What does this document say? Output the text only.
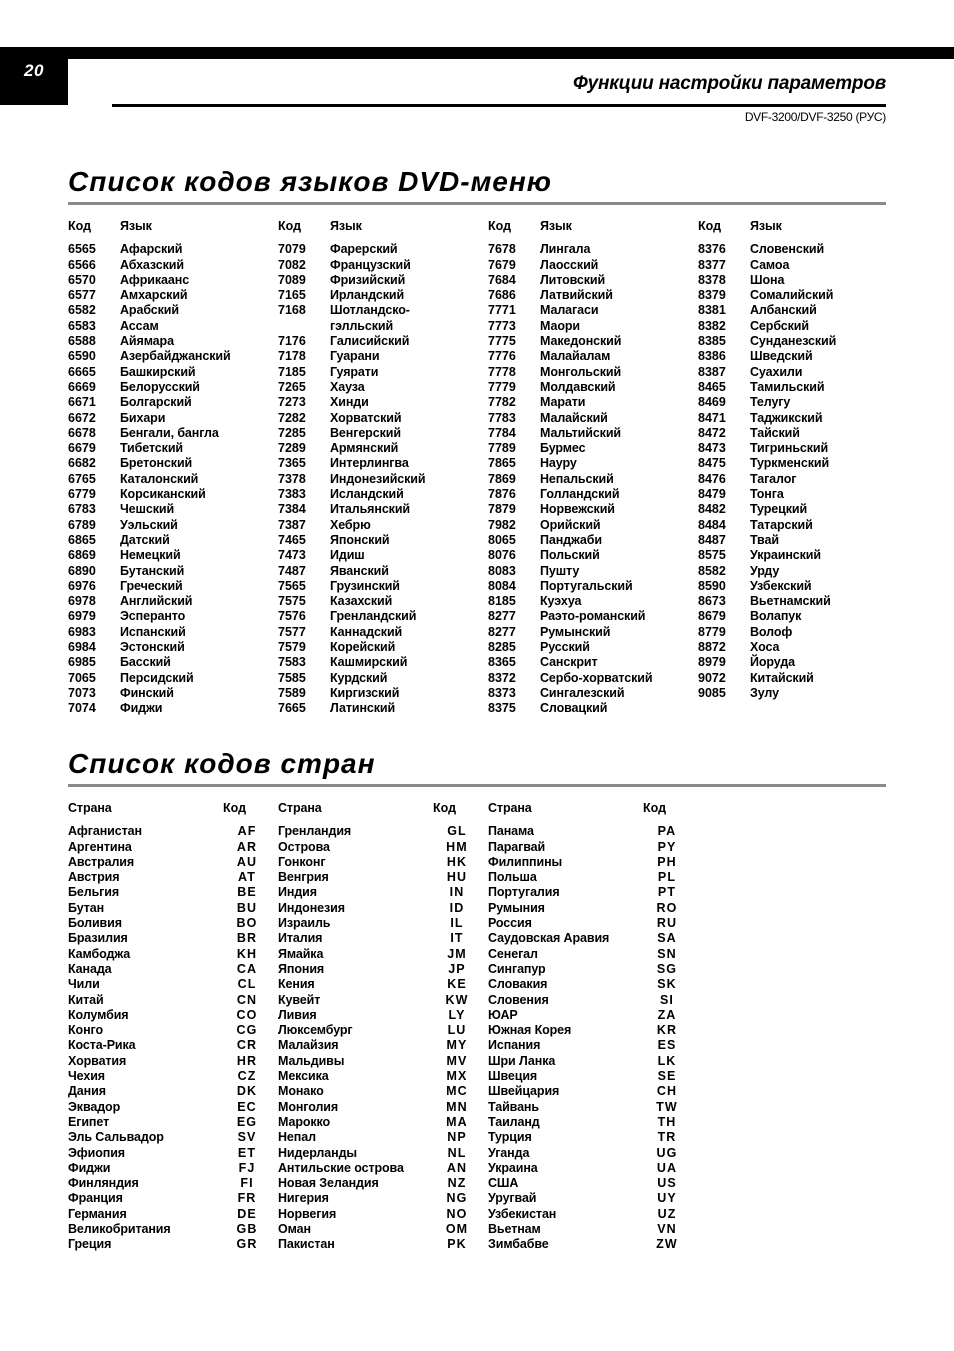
20
Функции настройки параметров
DVF-3200/DVF-3250 (РУС)
Список кодов языков DVD-меню
Код	Язык
6565	Афарский
6566	Абхазский
6570	Африкаанс
6577	Амхарский
6582	Арабский
6583	Ассам
6588	Айямара
6590	Азербайджанский
6665	Башкирский
6669	Белорусский
6671	Болгарский
6672	Бихари
6678	Бенгали, бангла
6679	Тибетский
6682	Бретонский
6765	Каталонский
6779	Корсиканский
6783	Чешский
6789	Уэльский
6865	Датский
6869	Немецкий
6890	Бутанский
6976	Греческий
6978	Английский
6979	Эсперанто
6983	Испанский
6984	Эстонский
6985	Басский
7065	Персидский
7073	Финский
7074	Фиджи
Код	Язык
7079	Фарерский
7082	Французский
7089	Фризийский
7165	Ирландский
7168	Шотландско-
гэлльский
7176	Галисийский
7178	Гуарани
7185	Гуярати
7265	Хауза
7273	Хинди
7282	Хорватский
7285	Венгерский
7289	Армянский
7365	Интерлингва
7378	Индонезийский
7383	Исландский
7384	Итальянский
7387	Хебрю
7465	Японский
7473	Идиш
7487	Яванский
7565	Грузинский
7575	Казахский
7576	Гренландский
7577	Каннадский
7579	Корейский
7583	Кашмирский
7585	Курдский
7589	Киргизский
7665	Латинский
Код	Язык
7678	Лингала
7679	Лаосский
7684	Литовский
7686	Латвийский
7771	Малагаси
7773	Маори
7775	Македонский
7776	Малайалам
7778	Монгольский
7779	Молдавский
7782	Марати
7783	Малайский
7784	Мальтийский
7789	Бурмес
7865	Науру
7869	Непальский
7876	Голландский
7879	Норвежский
7982	Орийский
8065	Панджаби
8076	Польский
8083	Пушту
8084	Португальский
8185	Куэхуа
8277	Раэто-романский
8277	Румынский
8285	Русский
8365	Санскрит
8372	Сербо-хорватский
8373	Сингалезский
8375	Словацкий
Код	Язык
8376	Словенский
8377	Самоа
8378	Шона
8379	Сомалийский
8381	Албанский
8382	Сербский
8385	Сунданезский
8386	Шведский
8387	Суахили
8465	Тамильский
8469	Телугу
8471	Таджикский
8472	Тайский
8473	Тигриньский
8475	Туркменский
8476	Тагалог
8479	Тонга
8482	Турецкий
8484	Татарский
8487	Твай
8575	Украинский
8582	Урду
8590	Узбекский
8673	Вьетнамский
8679	Волапук
8779	Волоф
8872	Хоса
8979	Йоруда
9072	Китайский
9085	Зулу
Список кодов стран
Страна	Код
Афганистан	AF
Аргентина	AR
Австралия	AU
Австрия	AT
Бельгия	BE
Бутан	BU
Боливия	BO
Бразилия	BR
Камбоджа	KH
Канада	CA
Чили	CL
Китай	CN
Колумбия	CO
Конго	CG
Коста-Рика	CR
Хорватия	HR
Чехия	CZ
Дания	DK
Эквадор	EC
Египет	EG
Эль Сальвадор	SV
Эфиопия	ET
Фиджи	FJ
Финляндия	FI
Франция	FR
Германия	DE
Великобритания	GB
Греция	GR
Страна	Код
Гренландия	GL
Острова	HM
Гонконг	HK
Венгрия	HU
Индия	IN
Индонезия	ID
Израиль	IL
Италия	IT
Ямайка	JM
Япония	JP
Кения	KE
Кувейт	KW
Ливия	LY
Люксембург	LU
Малайзия	MY
Мальдивы	MV
Мексика	MX
Монако	MC
Монголия	MN
Марокко	MA
Непал	NP
Нидерланды	NL
Антильские острова	AN
Новая Зеландия	NZ
Нигерия	NG
Норвегия	NO
Оман	OM
Пакистан	PK
Страна	Код
Панама	PA
Парагвай	PY
Филиппины	PH
Польша	PL
Португалия	PT
Румыния	RO
Россия	RU
Саудовская Аравия	SA
Сенегал	SN
Сингапур	SG
Словакия	SK
Словения	SI
ЮАР	ZA
Южная Корея	KR
Испания	ES
Шри Ланка	LK
Швеция	SE
Швейцария	CH
Тайвань	TW
Таиланд	TH
Турция	TR
Уганда	UG
Украина	UA
США	US
Уругвай	UY
Узбекистан	UZ
Вьетнам	VN
Зимбабве	ZW
